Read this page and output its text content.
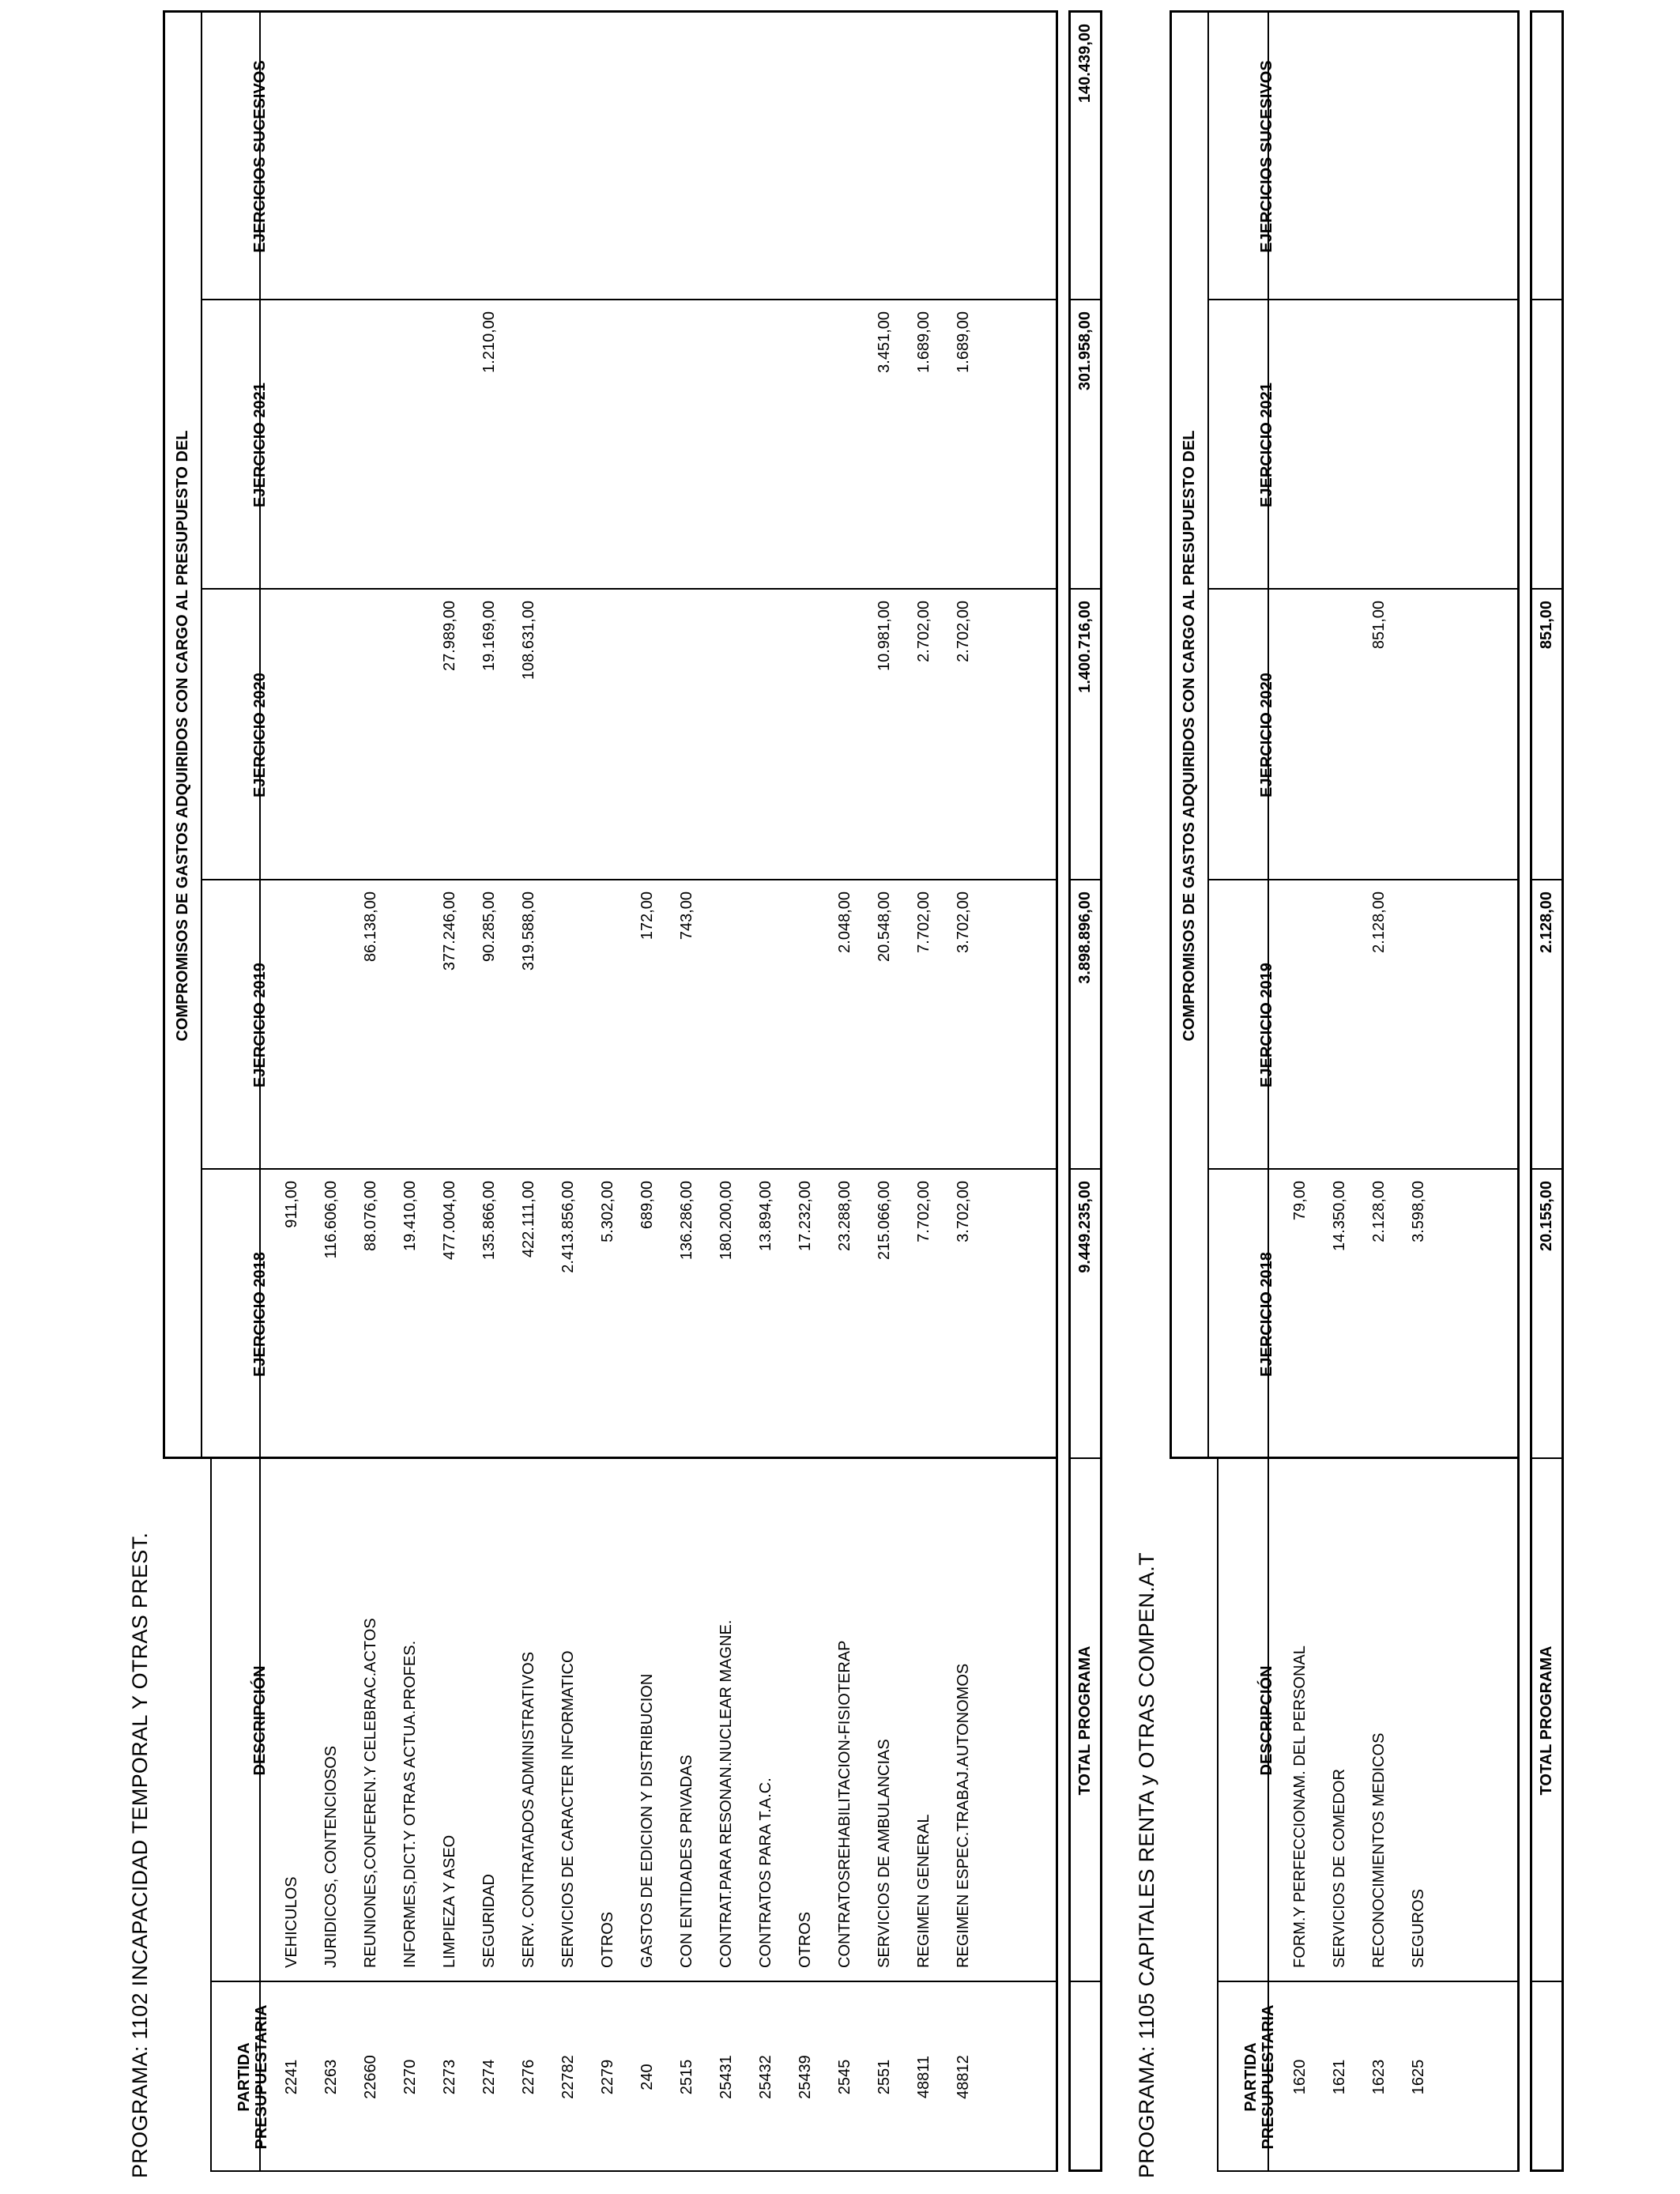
PROGRAMA: 1102 INCAPACIDAD TEMPORAL Y OTRAS PREST.	PARTIDA PRESUPUESTARIA
DESCRIPCIÓN
COMPROMISOS DE GASTOS ADQUIRIDOS CON CARGO AL PRESUPUESTO DEL
EJERCICIO 2018
EJERCICIO 2019
EJERCICIO 2020
EJERCICIO 2021
EJERCICIOS SUCESIVOS
2241
VEHICULOS
911,00
2263
JURIDICOS, CONTENCIOSOS
116.606,00
22660
REUNIONES,CONFEREN.Y CELEBRAC.ACTOS
88.076,00
86.138,00
2270
INFORMES,DICT.Y OTRAS ACTUA.PROFES.
19.410,00
2273
LIMPIEZA Y ASEO
477.004,00
377.246,00
27.989,00
2274
SEGURIDAD
135.866,00
90.285,00
19.169,00
1.210,00
2276
SERV. CONTRATADOS ADMINISTRATIVOS
422.111,00
319.588,00
108.631,00
22782
SERVICIOS DE CARACTER INFORMATICO
2.413.856,00
2279
OTROS
5.302,00
240
GASTOS DE EDICION Y DISTRIBUCION
689,00
172,00
2515
CON ENTIDADES PRIVADAS
136.286,00
743,00
25431
CONTRAT.PARA RESONAN.NUCLEAR MAGNE.
180.200,00
25432
CONTRATOS PARA T.A.C.
13.894,00
25439
OTROS
17.232,00
2545
CONTRATOSREHABILITACION-FISIOTERAP
23.288,00
2.048,00
2551
SERVICIOS DE AMBULANCIAS
215.066,00
20.548,00
10.981,00
3.451,00
48811
REGIMEN GENERAL
7.702,00
7.702,00
2.702,00
1.689,00
48812
REGIMEN ESPEC.TRABAJ.AUTONOMOS
3.702,00
3.702,00
2.702,00
1.689,00
TOTAL PROGRAMA
9.449.235,00
3.898.896,00
1.400.716,00
301.958,00
140.439,00
PROGRAMA: 1105 CAPITALES RENTA y OTRAS COMPEN.A.T	PARTIDA PRESUPUESTARIA
DESCRIPCIÓN
COMPROMISOS DE GASTOS ADQUIRIDOS CON CARGO AL PRESUPUESTO DEL
EJERCICIO 2018
EJERCICIO 2019
EJERCICIO 2020
EJERCICIO 2021
EJERCICIOS SUCESIVOS
1620
FORM.Y PERFECCIONAM. DEL PERSONAL
79,00
1621
SERVICIOS DE COMEDOR
14.350,00
1623
RECONOCIMIENTOS MEDICOS
2.128,00
2.128,00
851,00
1625
SEGUROS
3.598,00
TOTAL PROGRAMA
20.155,00
2.128,00
851,00
